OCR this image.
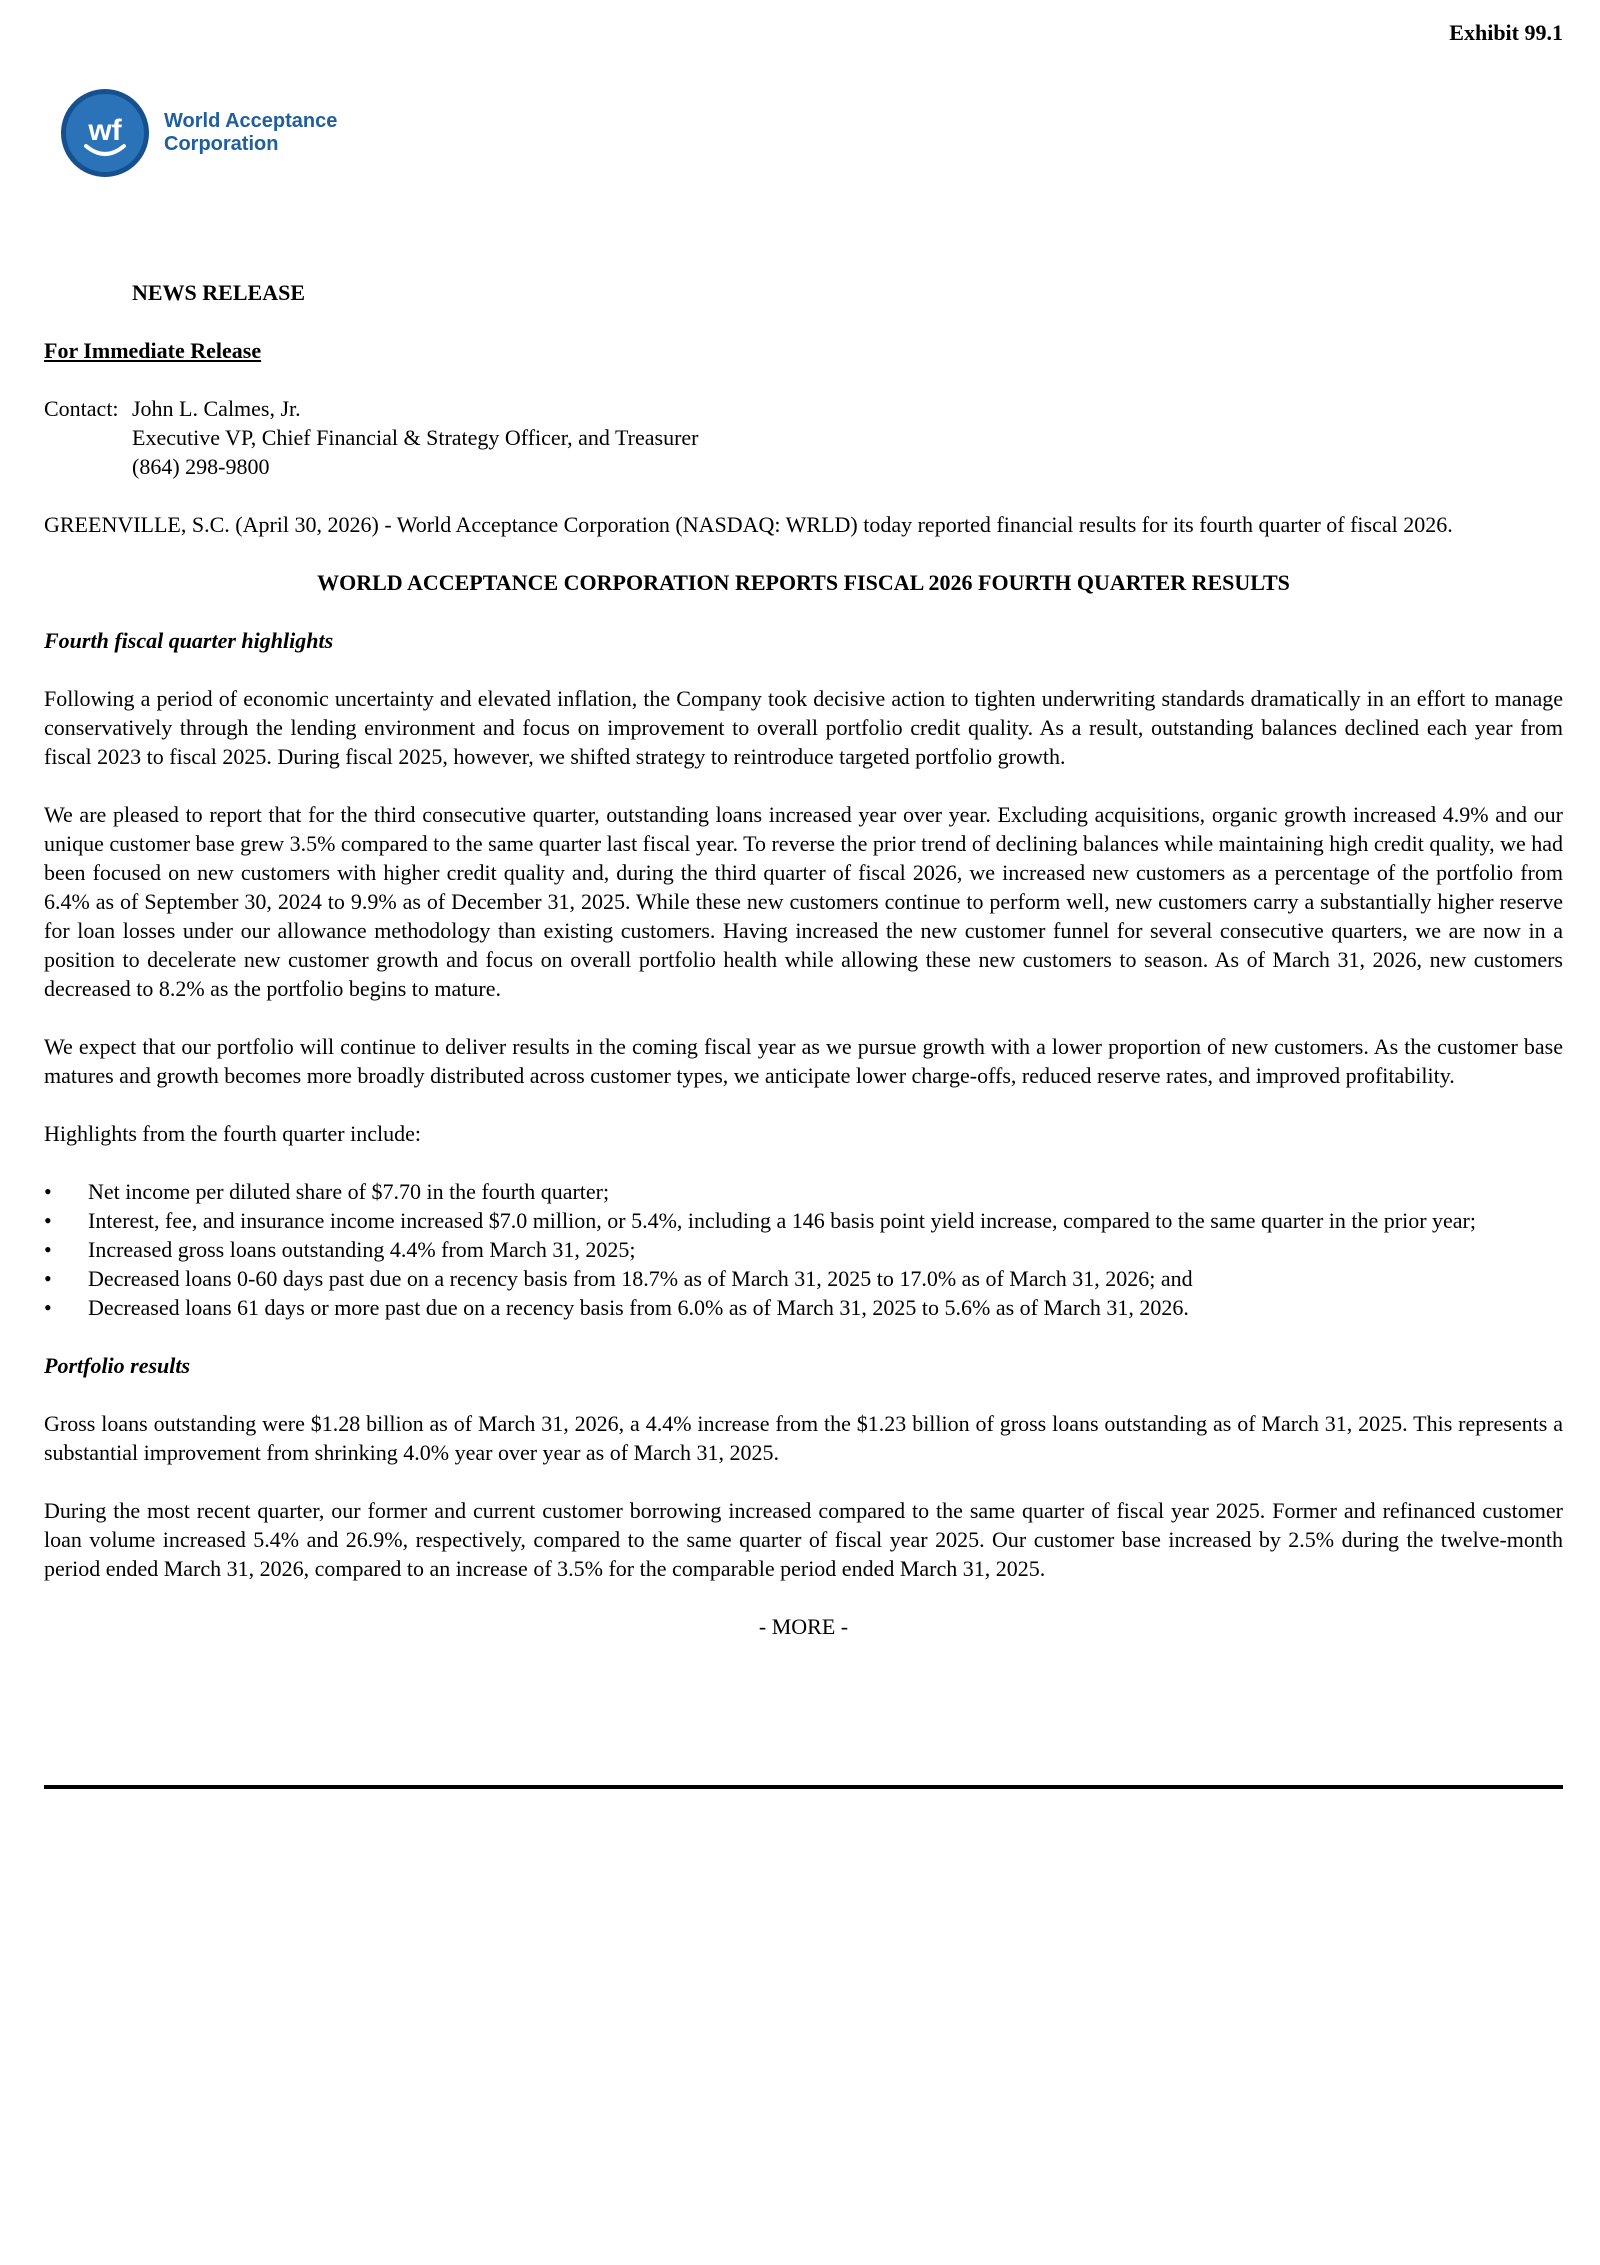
Exhibit 99.1
wf World Acceptance
Corporation
NEWS RELEASE
For Immediate Release
Contact: John L. Calmes, Jr.
Executive VP, Chief Financial & Strategy Officer, and Treasurer
(864) 298-9800
GREENVILLE, S.C. (April 30, 2026) - World Acceptance Corporation (NASDAQ: WRLD) today reported financial results for its fourth quarter of fiscal 2026.
WORLD ACCEPTANCE CORPORATION REPORTS FISCAL 2026 FOURTH QUARTER RESULTS
Fourth fiscal quarter highlights
Following a period of economic uncertainty and elevated inflation, the Company took decisive action to tighten underwriting standards dramatically in an effort to manage conservatively through the lending environment and focus on improvement to overall portfolio credit quality. As a result, outstanding balances declined each year from fiscal 2023 to fiscal 2025. During fiscal 2025, however, we shifted strategy to reintroduce targeted portfolio growth.
We are pleased to report that for the third consecutive quarter, outstanding loans increased year over year. Excluding acquisitions, organic growth increased 4.9% and our unique customer base grew 3.5% compared to the same quarter last fiscal year. To reverse the prior trend of declining balances while maintaining high credit quality, we had been focused on new customers with higher credit quality and, during the third quarter of fiscal 2026, we increased new customers as a percentage of the portfolio from 6.4% as of September 30, 2024 to 9.9% as of December 31, 2025. While these new customers continue to perform well, new customers carry a substantially higher reserve for loan losses under our allowance methodology than existing customers. Having increased the new customer funnel for several consecutive quarters, we are now in a position to decelerate new customer growth and focus on overall portfolio health while allowing these new customers to season. As of March 31, 2026, new customers decreased to 8.2% as the portfolio begins to mature.
We expect that our portfolio will continue to deliver results in the coming fiscal year as we pursue growth with a lower proportion of new customers. As the customer base matures and growth becomes more broadly distributed across customer types, we anticipate lower charge-offs, reduced reserve rates, and improved profitability.
Highlights from the fourth quarter include:
•	Net income per diluted share of $7.70 in the fourth quarter;
•	Interest, fee, and insurance income increased $7.0 million, or 5.4%, including a 146 basis point yield increase, compared to the same quarter in the prior year;
•	Increased gross loans outstanding 4.4% from March 31, 2025;
•	Decreased loans 0-60 days past due on a recency basis from 18.7% as of March 31, 2025 to 17.0% as of March 31, 2026; and
•	Decreased loans 61 days or more past due on a recency basis from 6.0% as of March 31, 2025 to 5.6% as of March 31, 2026.
Portfolio results
Gross loans outstanding were $1.28 billion as of March 31, 2026, a 4.4% increase from the $1.23 billion of gross loans outstanding as of March 31, 2025. This represents a substantial improvement from shrinking 4.0% year over year as of March 31, 2025.
During the most recent quarter, our former and current customer borrowing increased compared to the same quarter of fiscal year 2025. Former and refinanced customer loan volume increased 5.4% and 26.9%, respectively, compared to the same quarter of fiscal year 2025. Our customer base increased by 2.5% during the twelve-month period ended March 31, 2026, compared to an increase of 3.5% for the comparable period ended March 31, 2025.
- MORE -
